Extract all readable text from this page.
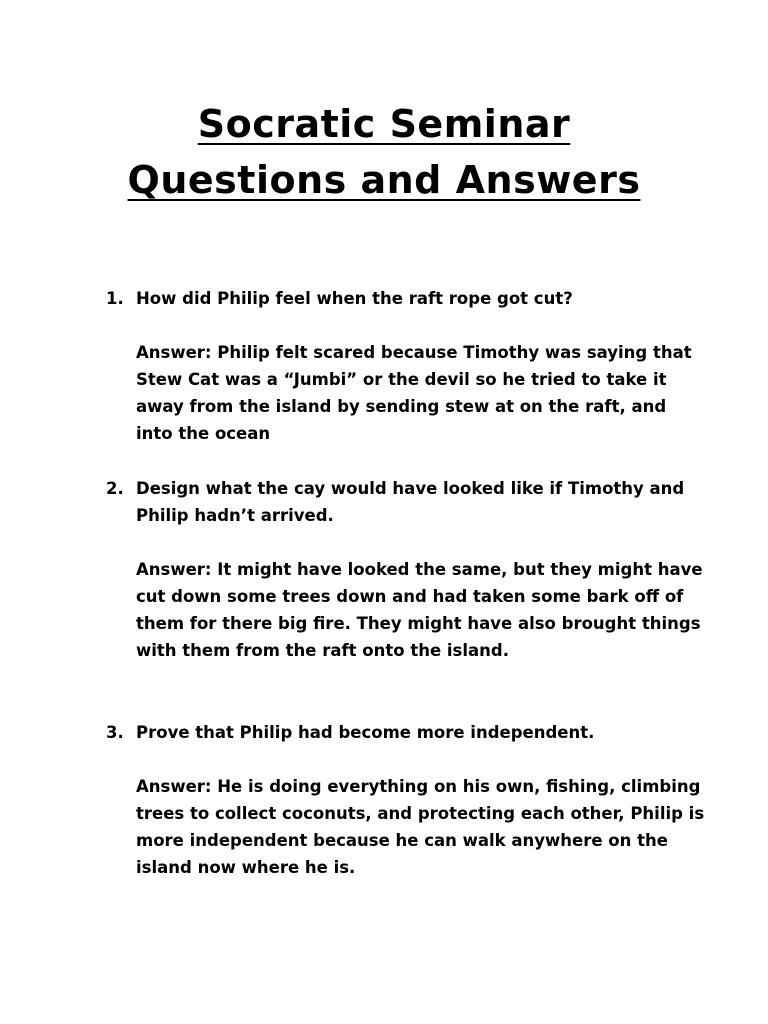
Socratic Seminar
Questions and Answers
1. How did Philip feel when the raft rope got cut?
Answer: Philip felt scared because Timothy was saying that Stew Cat was a “Jumbi” or the devil so he tried to take it away from the island by sending stew at on the raft, and into the ocean
2. Design what the cay would have looked like if Timothy and Philip hadn’t arrived.
Answer: It might have looked the same, but they might have cut down some trees down and had taken some bark off of them for there big fire. They might have also brought things with them from the raft onto the island.
3. Prove that Philip had become more independent.
Answer: He is doing everything on his own, fishing, climbing trees to collect coconuts, and protecting each other, Philip is more independent because he can walk anywhere on the island now where he is.
